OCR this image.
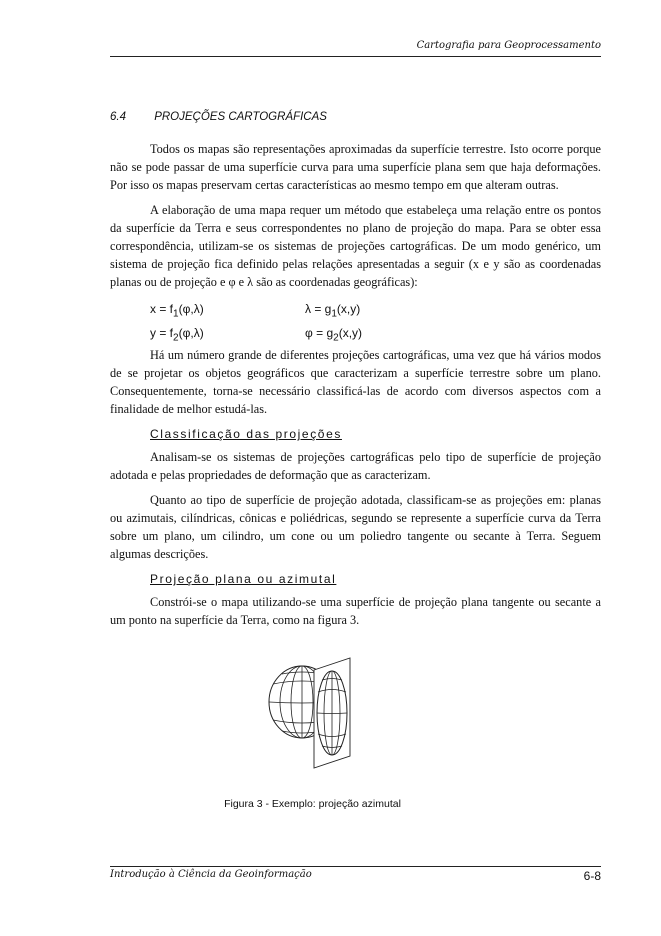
Cartografia para Geoprocessamento
6.4 PROJEÇÕES CARTOGRÁFICAS

Todos os mapas são representações aproximadas da superfície terrestre. Isto ocorre porque não se pode passar de uma superfície curva para uma superfície plana sem que haja deformações. Por isso os mapas preservam certas características ao mesmo tempo em que alteram outras.

A elaboração de uma mapa requer um método que estabeleça uma relação entre os pontos da superfície da Terra e seus correspondentes no plano de projeção do mapa. Para se obter essa correspondência, utilizam-se os sistemas de projeções cartográficas. De um modo genérico, um sistema de projeção fica definido pelas relações apresentadas a seguir (x e y são as coordenadas planas ou de projeção e φ e λ são as coordenadas geográficas):

$x = f_1(\varphi,\lambda)$	$\lambda = g_1(x,y)$
$y = f_2(\varphi,\lambda)$	$\varphi = g_2(x,y)$

Há um número grande de diferentes projeções cartográficas, uma vez que há vários modos de se projetar os objetos geográficos que caracterizam a superfície terrestre sobre um plano. Consequentemente, torna-se necessário classificá-las de acordo com diversos aspectos com a finalidade de melhor estudá-las.

Classificação das projeções

Analisam-se os sistemas de projeções cartográficas pelo tipo de superfície de projeção adotada e pelas propriedades de deformação que as caracterizam.

Quanto ao tipo de superfície de projeção adotada, classificam-se as projeções em: planas ou azimutais, cilíndricas, cônicas e poliédricas, segundo se represente a superfície curva da Terra sobre um plano, um cilindro, um cone ou um poliedro tangente ou secante à Terra. Seguem algumas descrições.

Projeção plana ou azimutal

Constrói-se o mapa utilizando-se uma superfície de projeção plana tangente ou secante a um ponto na superfície da Terra, como na figura 3.

Figura 3 - Exemplo: projeção azimutal
Introdução à Ciência da Geoinformação	6-8
